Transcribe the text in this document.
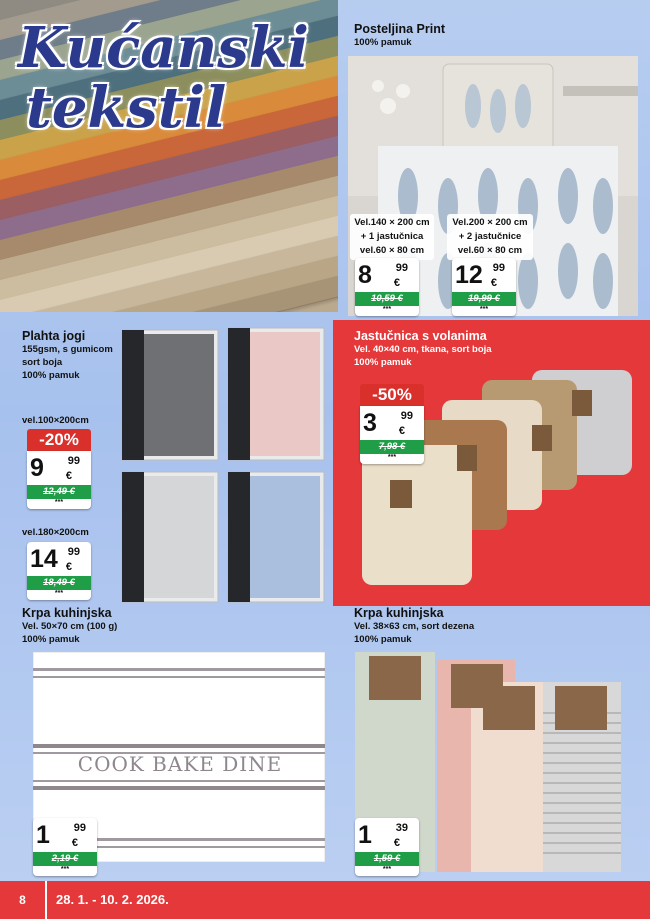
Kućanski
tekstil
Posteljina Print
100% pamuk
Vel.140 × 200 cm
+ 1 jastučnica
vel.60 × 80 cm
Vel.200 × 200 cm
+ 2 jastučnice
vel.60 × 80 cm
8 99
€
10,59 €
***
12 99
€
19,99 €
***
Plahta jogi
155gsm, s gumicom
sort boja
100% pamuk
vel.100×200cm
-20%
9 99
€
12,49 €
***
vel.180×200cm
14 99
€
18,49 €
***
Jastučnica s volanima
Vel. 40×40 cm, tkana, sort boja
100% pamuk
-50%
3 99
€
7,98 €
***
Krpa kuhinjska
Vel. 50×70 cm (100 g)
100% pamuk
COOK BAKE DINE
1 99
€
2,19 €
***
Krpa kuhinjska
Vel. 38×63 cm, sort dezena
100% pamuk
1 39
€
1,59 €
***
8	28. 1. - 10. 2. 2026.
